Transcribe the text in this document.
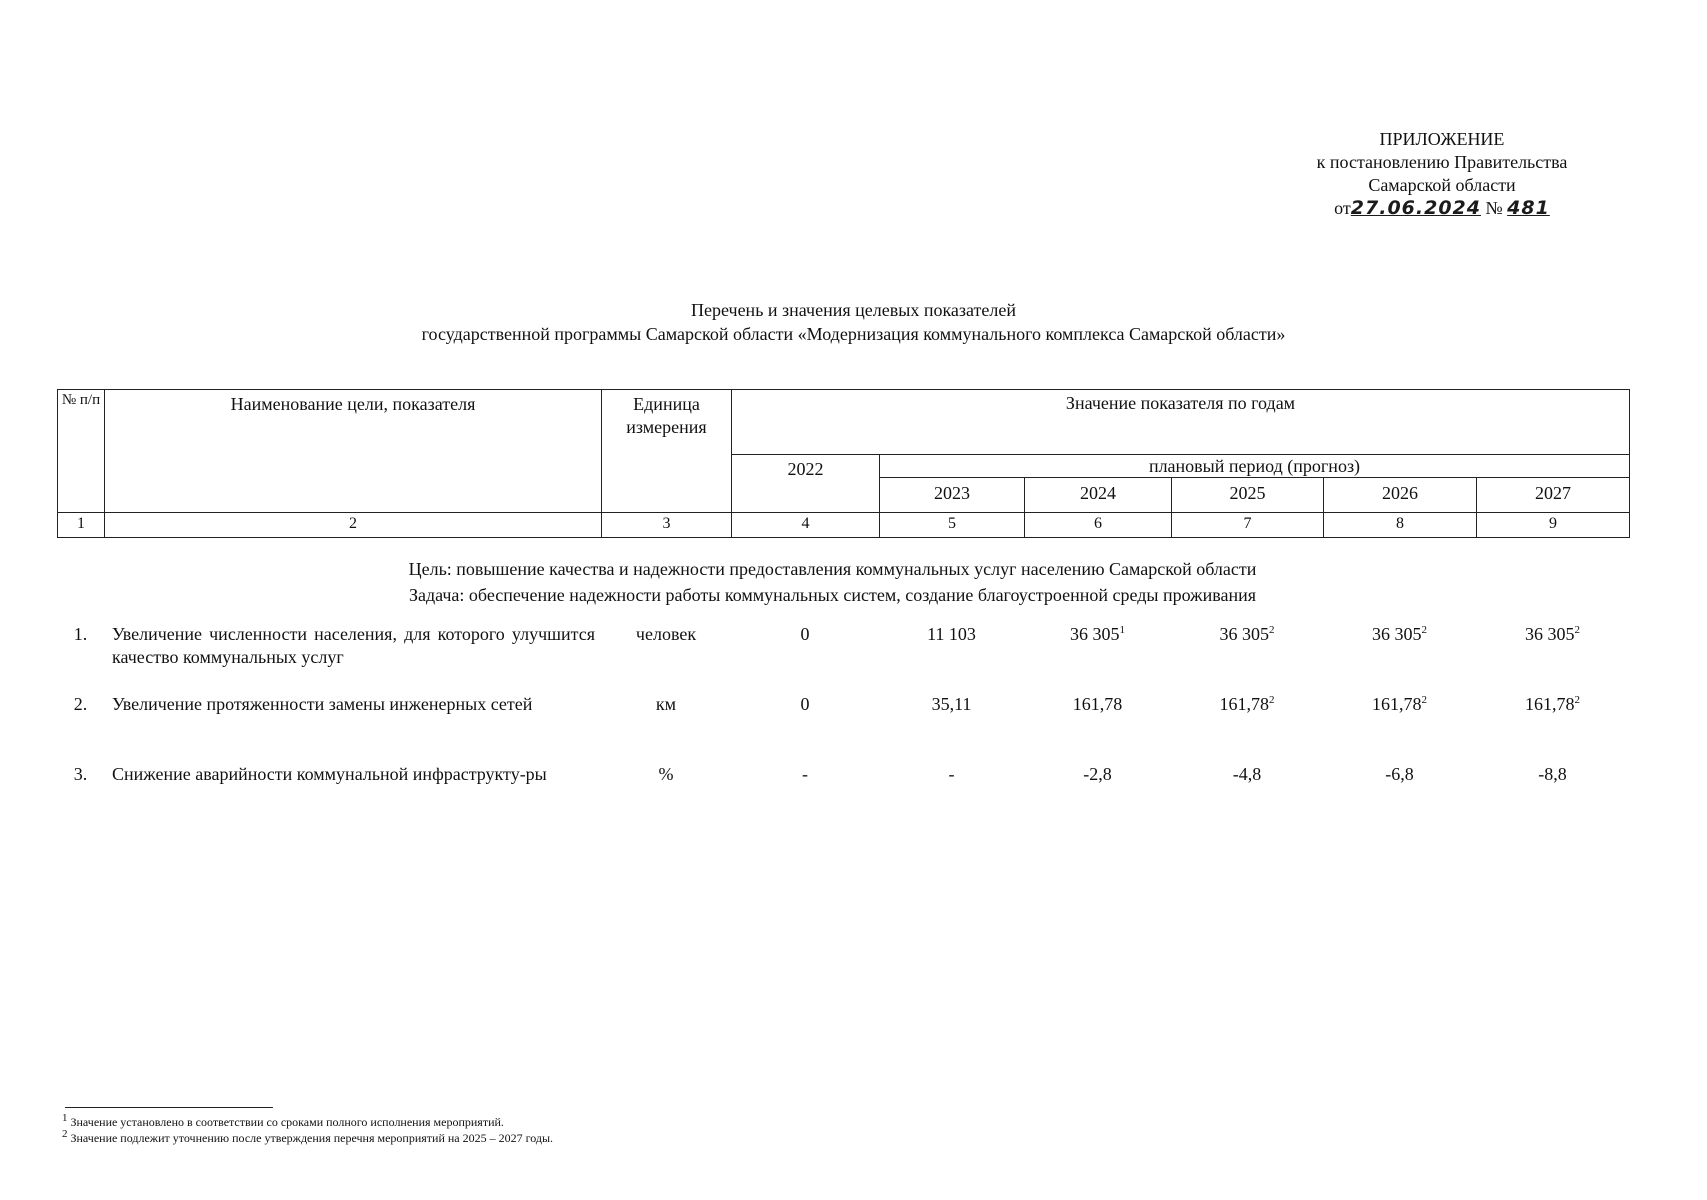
ПРИЛОЖЕНИЕ
к постановлению Правительства
Самарской области
от27.06.2024 № 481
Перечень и значения целевых показателей
государственной программы Самарской области «Модернизация коммунального комплекса Самарской области»
№ п/п	Наименование цели, показателя	Единица измерения	Значение показателя по годам					
			2022	плановый период (прогноз)				
				2023	2024	2025	2026	2027
1	2	3	4	5	6	7	8	9
Цель: повышение качества и надежности предоставления коммунальных услуг населению Самарской области
Задача: обеспечение надежности работы коммунальных систем, создание благоустроенной среды проживания
1.	Увеличение численности населения, для которого улучшится качество коммунальных услуг	человек	0	11 103	36 $305^1$	36 $305^2$	36 $305^2$	36 $305^2$
2.	Увеличение протяженности замены инженерных сетей	км	0	35,11	161,78	161,78$^2$	161,78$^2$	161,78$^2$
3.	Снижение аварийности коммунальной инфраструкту-ры	%	-	-	-2,8	-4,8	-6,8	-8,8
$^1$ Значение установлено в соответствии со сроками полного исполнения мероприятий.
$^2$ Значение подлежит уточнению после утверждения перечня мероприятий на 2025 – 2027 годы.
